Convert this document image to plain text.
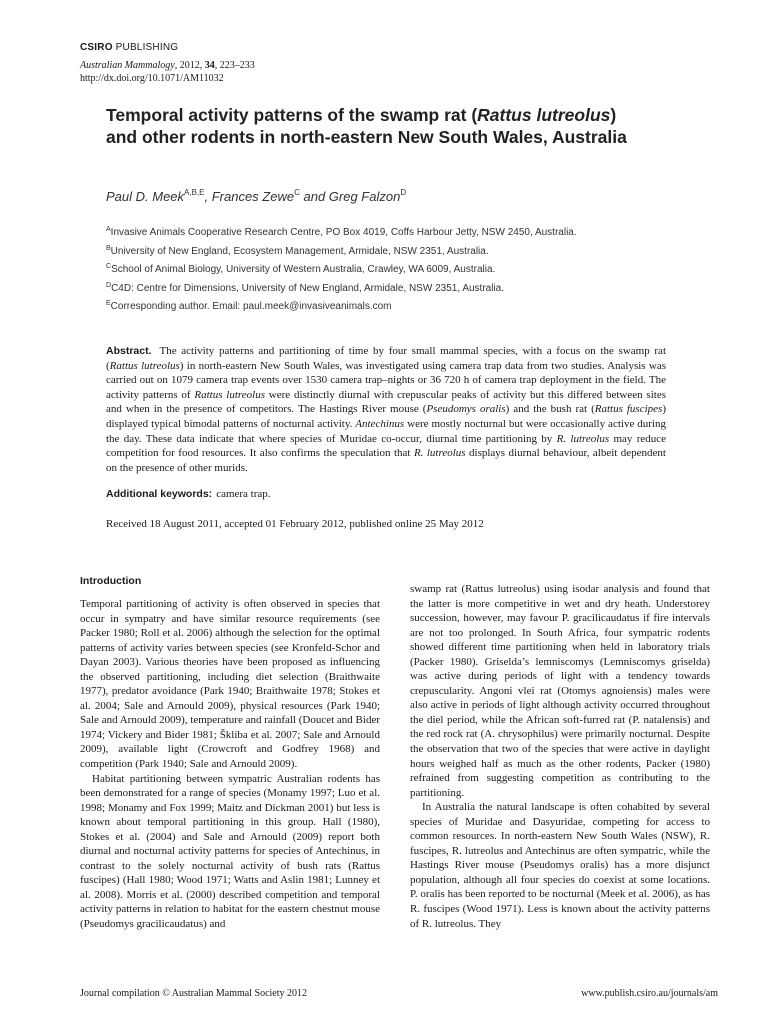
CSIRO PUBLISHING
Australian Mammalogy, 2012, 34, 223–233
http://dx.doi.org/10.1071/AM11032
Temporal activity patterns of the swamp rat (Rattus lutreolus)
and other rodents in north-eastern New South Wales, Australia
Paul D. Meek$^{A,B,E}$, Frances Zewe$^C$ and Greg Falzon$^D$
$^A$Invasive Animals Cooperative Research Centre, PO Box 4019, Coffs Harbour Jetty, NSW 2450, Australia.
$^B$University of New England, Ecosystem Management, Armidale, NSW 2351, Australia.
$^C$School of Animal Biology, University of Western Australia, Crawley, WA 6009, Australia.
$^D$C4D: Centre for Dimensions, University of New England, Armidale, NSW 2351, Australia.
$^E$Corresponding author. Email: paul.meek@invasiveanimals.com
Abstract. The activity patterns and partitioning of time by four small mammal species, with a focus on the swamp rat (Rattus lutreolus) in north-eastern New South Wales, was investigated using camera trap data from two studies. Analysis was carried out on 1079 camera trap events over 1530 camera trap–nights or 36 720 h of camera trap deployment in the field. The activity patterns of Rattus lutreolus were distinctly diurnal with crepuscular peaks of activity but this differed between sites and when in the presence of competitors. The Hastings River mouse (Pseudomys oralis) and the bush rat (Rattus fuscipes) displayed typical bimodal patterns of nocturnal activity. Antechinus were mostly nocturnal but were occasionally active during the day. These data indicate that where species of Muridae co-occur, diurnal time partitioning by R. lutreolus may reduce competition for food resources. It also confirms the speculation that R. lutreolus displays diurnal behaviour, albeit dependent on the presence of other murids.
Additional keywords: camera trap.
Received 18 August 2011, accepted 01 February 2012, published online 25 May 2012
Introduction

Temporal partitioning of activity is often observed in species that occur in sympatry and have similar resource requirements (see Packer 1980; Roll et al. 2006) although the selection for the optimal patterns of activity varies between species (see Kronfeld-Schor and Dayan 2003). Various theories have been proposed as influencing the observed partitioning, including diet selection (Braithwaite 1977), predator avoidance (Park 1940; Braithwaite 1978; Stokes et al. 2004; Sale and Arnould 2009), physical resources (Park 1940; Sale and Arnould 2009), temperature and rainfall (Doucet and Bider 1974; Vickery and Bider 1981; Šklíba et al. 2007; Sale and Arnould 2009), available light (Crowcroft and Godfrey 1968) and competition (Park 1940; Sale and Arnould 2009).

Habitat partitioning between sympatric Australian rodents has been demonstrated for a range of species (Monamy 1997; Luo et al. 1998; Monamy and Fox 1999; Maitz and Dickman 2001) but less is known about temporal partitioning in this group. Hall (1980), Stokes et al. (2004) and Sale and Arnould (2009) report both diurnal and nocturnal activity patterns for species of Antechinus, in contrast to the solely nocturnal activity of bush rats (Rattus fuscipes) (Hall 1980; Wood 1971; Watts and Aslin 1981; Lunney et al. 2008). Morris et al. (2000) described competition and temporal activity patterns in relation to habitat for the eastern chestnut mouse (Pseudomys gracilicaudatus) and

swamp rat (Rattus lutreolus) using isodar analysis and found that the latter is more competitive in wet and dry heath. Understorey succession, however, may favour P. gracilicaudatus if fire intervals are not too prolonged. In South Africa, four sympatric rodents showed different time partitioning when held in laboratory trials (Packer 1980). Griselda’s lemniscomys (Lemniscomys griselda) was active during periods of light with a tendency towards crepuscularity. Angoni vlei rat (Otomys agnoiensis) males were also active in periods of light although activity occurred throughout the diel period, while the African soft-furred rat (P. natalensis) and the red rock rat (A. chrysophilus) were primarily nocturnal. Despite the observation that two of the species that were active in daylight hours weighed half as much as the other rodents, Packer (1980) refrained from suggesting competition as contributing to the partitioning.

In Australia the natural landscape is often cohabited by several species of Muridae and Dasyuridae, competing for access to common resources. In north-eastern New South Wales (NSW), R. fuscipes, R. lutreolus and Antechinus are often sympatric, while the Hastings River mouse (Pseudomys oralis) has a more disjunct population, although all four species do coexist at some locations. P. oralis has been reported to be nocturnal (Meek et al. 2006), as has R. fuscipes (Wood 1971). Less is known about the activity patterns of R. lutreolus. They

Journal compilation © Australian Mammal Society 2012	www.publish.csiro.au/journals/am
